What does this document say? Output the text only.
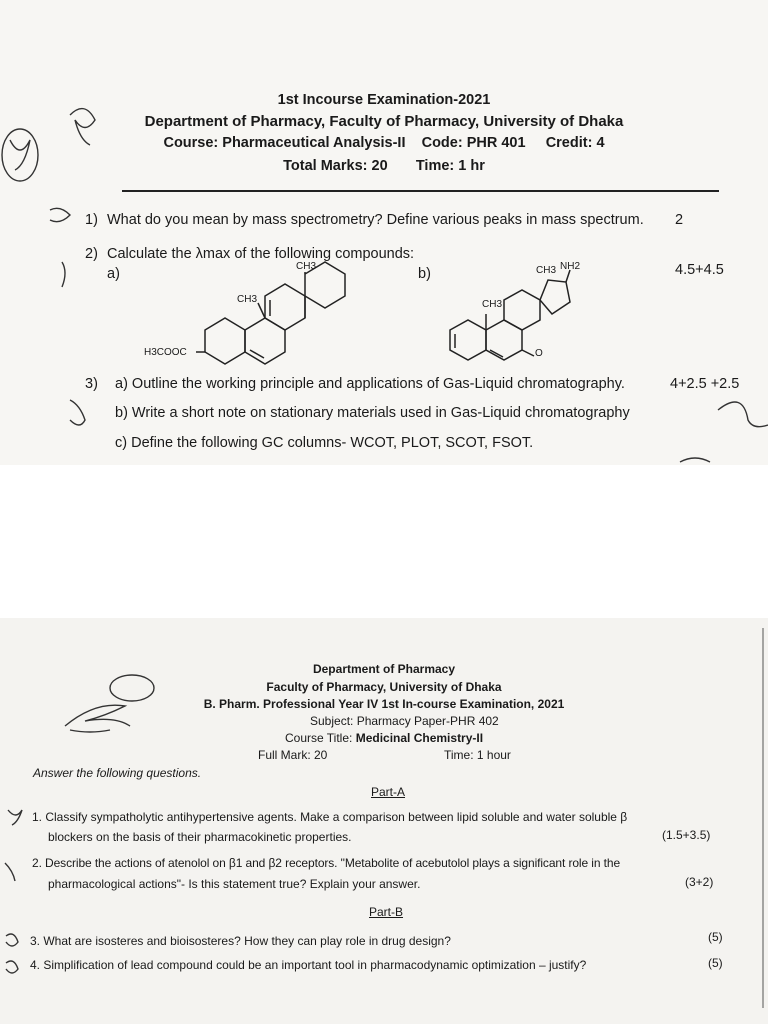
1st Incourse Examination-2021
Department of Pharmacy, Faculty of Pharmacy, University of Dhaka
Course: Pharmaceutical Analysis-II    Code: PHR 401     Credit: 4
Total Marks: 20       Time: 1 hr
1) What do you mean by mass spectrometry? Define various peaks in mass spectrum. 2
2) Calculate the λmax of the following compounds:
4.5+4.5
a)	b)
CH3
CH3
H3COOC
CH3 NH2
CH3
O
3) a) Outline the working principle and applications of Gas-Liquid chromatography.	4+2.5 +2.5
b) Write a short note on stationary materials used in Gas-Liquid chromatography
c) Define the following GC columns- WCOT, PLOT, SCOT, FSOT.
Department of Pharmacy
Faculty of Pharmacy, University of Dhaka
B. Pharm. Professional Year IV 1st In-course Examination, 2021
Subject: Pharmacy Paper-PHR 402
Course Title: Medicinal Chemistry-II
Full Mark: 20	Time: 1 hour
Answer the following questions.
Part-A
1. Classify sympatholytic antihypertensive agents. Make a comparison between lipid soluble and water soluble β
blockers on the basis of their pharmacokinetic properties.	(1.5+3.5)
2. Describe the actions of atenolol on β1 and β2 receptors. "Metabolite of acebutolol plays a significant role in the
pharmacological actions"- Is this statement true? Explain your answer.	(3+2)
Part-B
3. What are isosteres and bioisosteres? How they can play role in drug design?	(5)
4. Simplification of lead compound could be an important tool in pharmacodynamic optimization – justify?	(5)
